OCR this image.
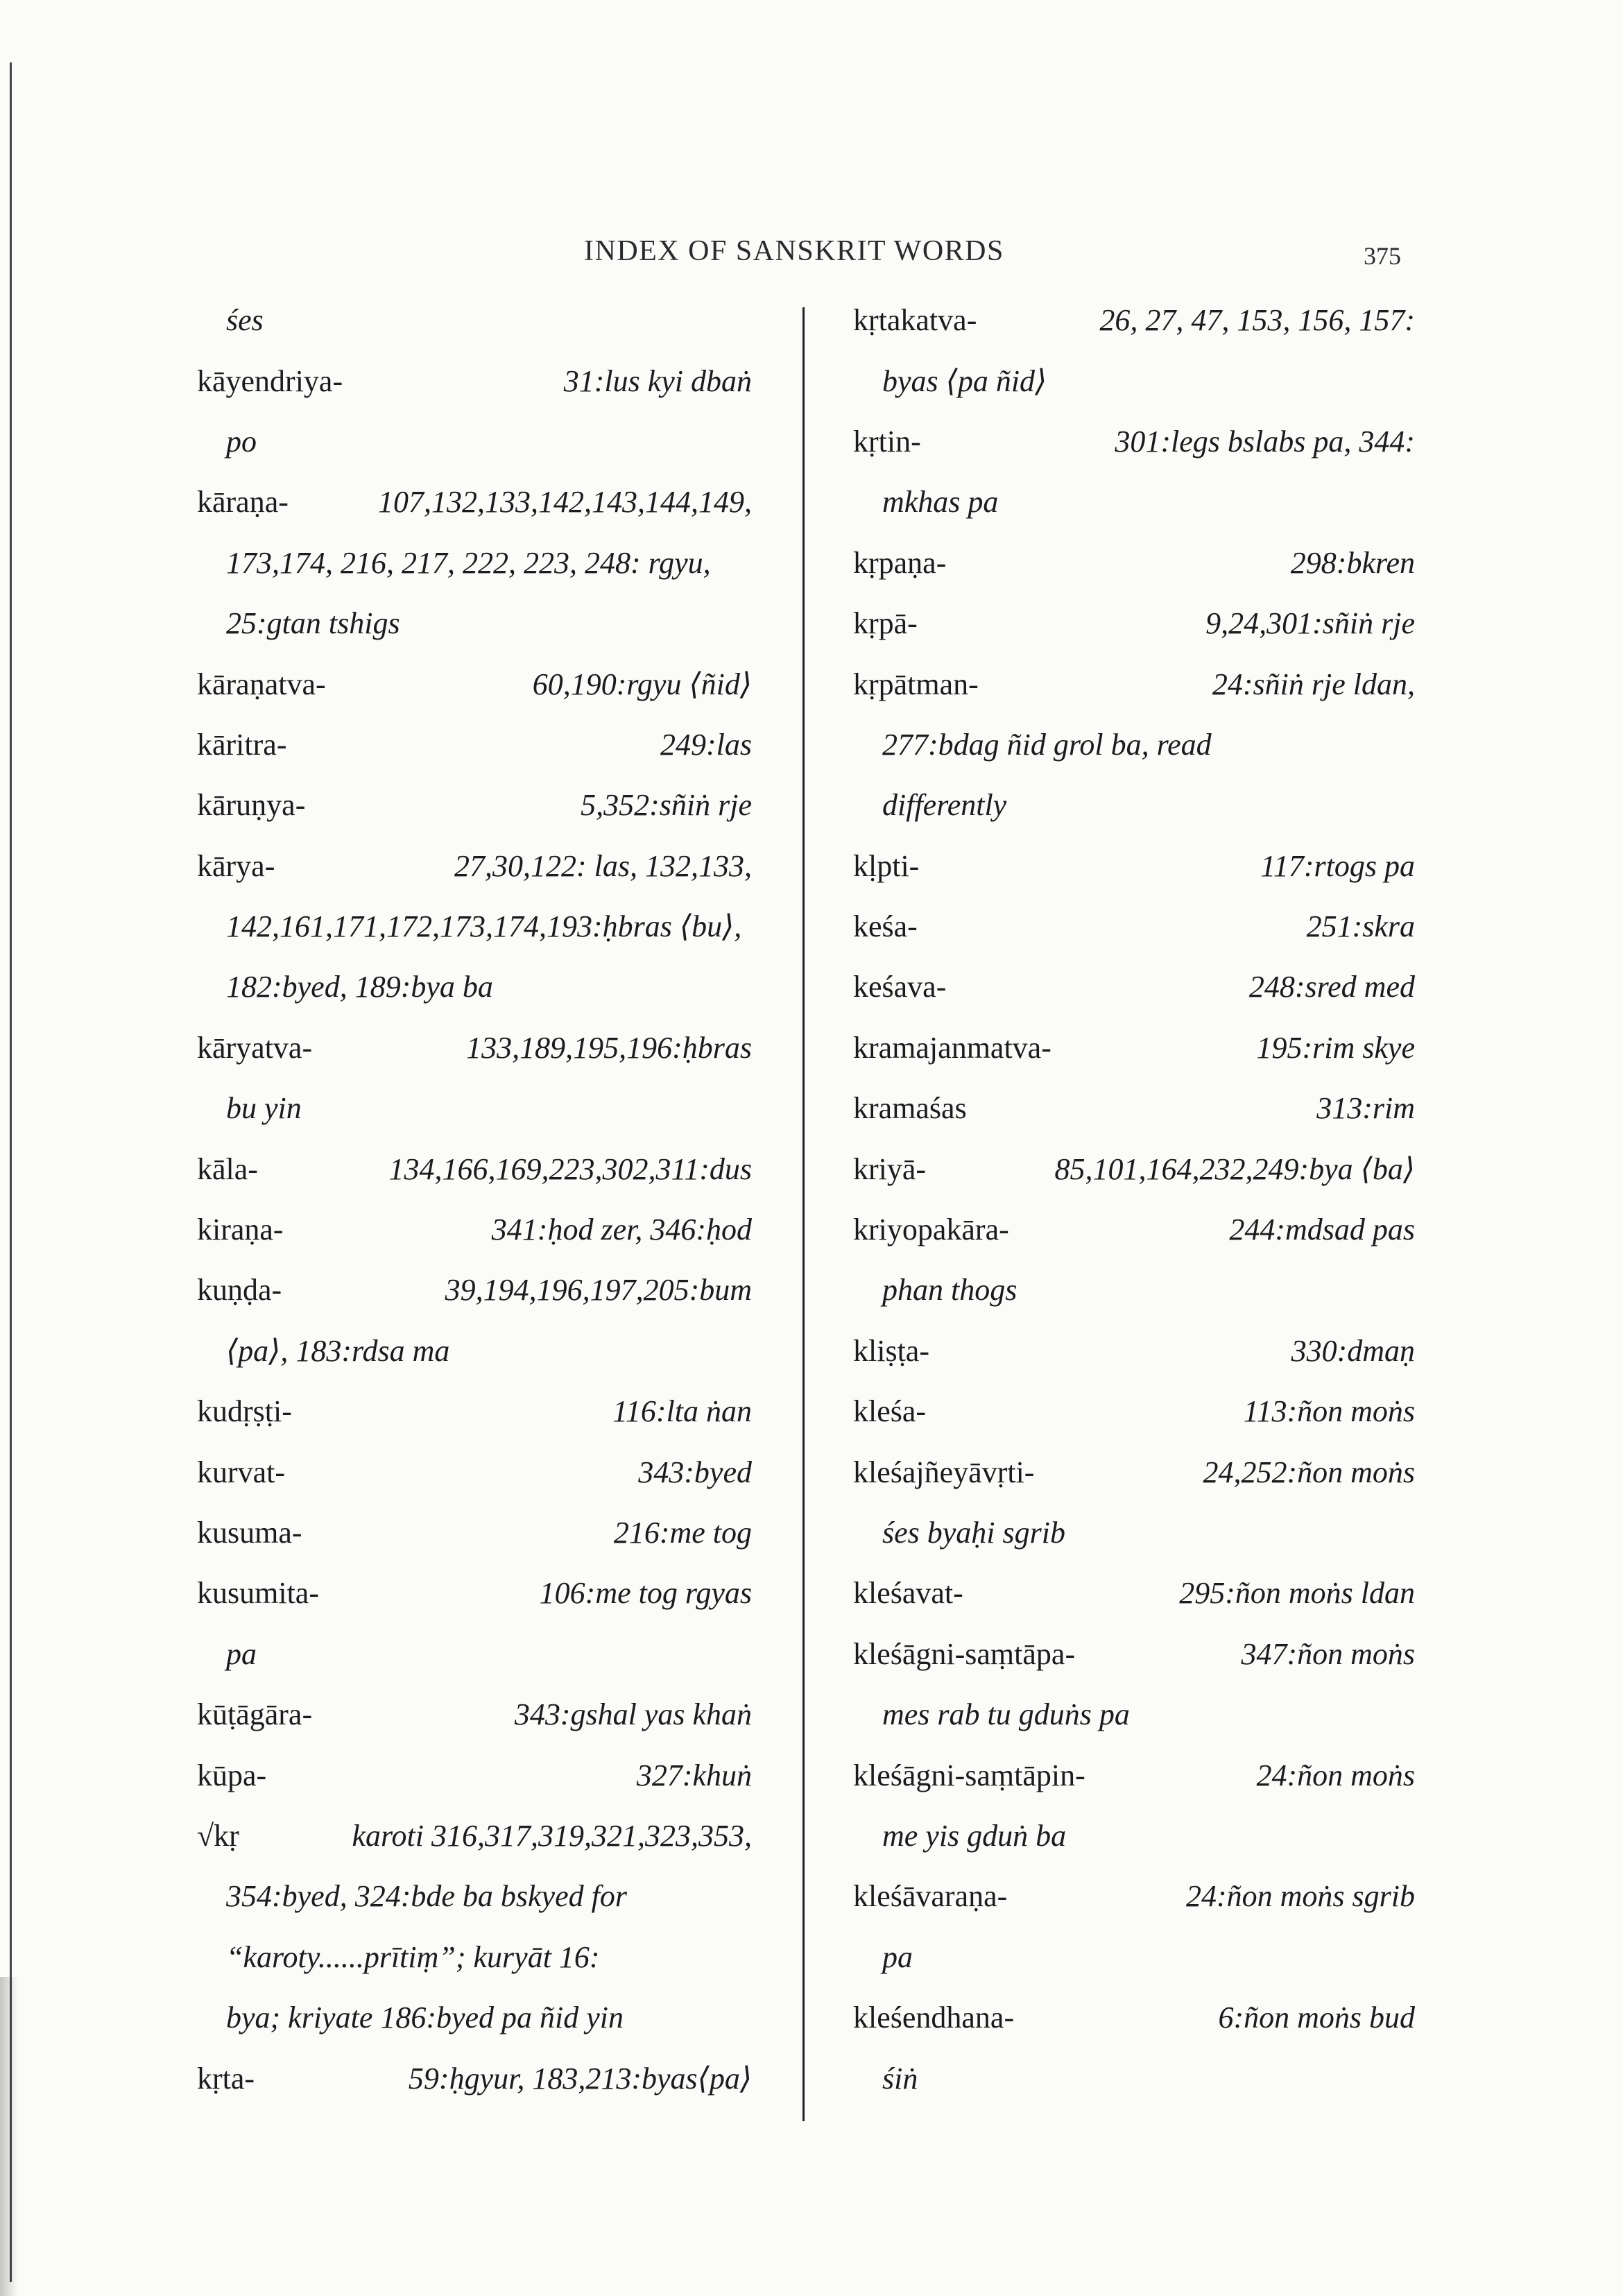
INDEX OF SANSKRIT WORDS	375
śes
kāyendriya-	31:lus kyi dbaṅ
po
kāraṇa-	107,132,133,142,143,144,149,
173,174, 216, 217, 222, 223, 248: rgyu,
25:gtan tshigs
kāraṇatva-	60,190:rgyu ⟨ñid⟩
kāritra-	249:las
kāruṇya-	5,352:sñiṅ rje
kārya-	27,30,122: las, 132,133,
142,161,171,172,173,174,193:ḥbras ⟨bu⟩,
182:byed, 189:bya ba
kāryatva-	133,189,195,196:ḥbras
bu yin
kāla-	134,166,169,223,302,311:dus
kiraṇa-	341:ḥod zer, 346:ḥod
kuṇḍa-	39,194,196,197,205:bum
⟨pa⟩, 183:rdsa ma
kudṛṣṭi-	116:lta ṅan
kurvat-	343:byed
kusuma-	216:me tog
kusumita-	106:me tog rgyas
pa
kūṭāgāra-	343:gshal yas khaṅ
kūpa-	327:khuṅ
√kṛ	karoti 316,317,319,321,323,353,
354:byed, 324:bde ba bskyed for
“karoty......prītiṃ”; kuryāt 16:
bya; kriyate 186:byed pa ñid yin
kṛta-	59:ḥgyur, 183,213:byas⟨pa⟩
kṛtakatva-	26, 27, 47, 153, 156, 157:
byas ⟨pa ñid⟩
kṛtin-	301:legs bslabs pa, 344:
mkhas pa
kṛpaṇa-	298:bkren
kṛpā-	9,24,301:sñiṅ rje
kṛpātman-	24:sñiṅ rje ldan,
277:bdag ñid grol ba, read
differently
kḷpti-	117:rtogs pa
keśa-	251:skra
keśava-	248:sred med
kramajanmatva-	195:rim skye
kramaśas	313:rim
kriyā-	85,101,164,232,249:bya ⟨ba⟩
kriyopakāra-	244:mdsad pas
phan thogs
kliṣṭa-	330:dmaṇ
kleśa-	113:ñon moṅs
kleśajñeyāvṛti-	24,252:ñon moṅs
śes byaḥi sgrib
kleśavat-	295:ñon moṅs ldan
kleśāgni-saṃtāpa-	347:ñon moṅs
mes rab tu gduṅs pa
kleśāgni-saṃtāpin-	24:ñon moṅs
me yis gduṅ ba
kleśāvaraṇa-	24:ñon moṅs sgrib
pa
kleśendhana-	6:ñon moṅs bud
śiṅ
